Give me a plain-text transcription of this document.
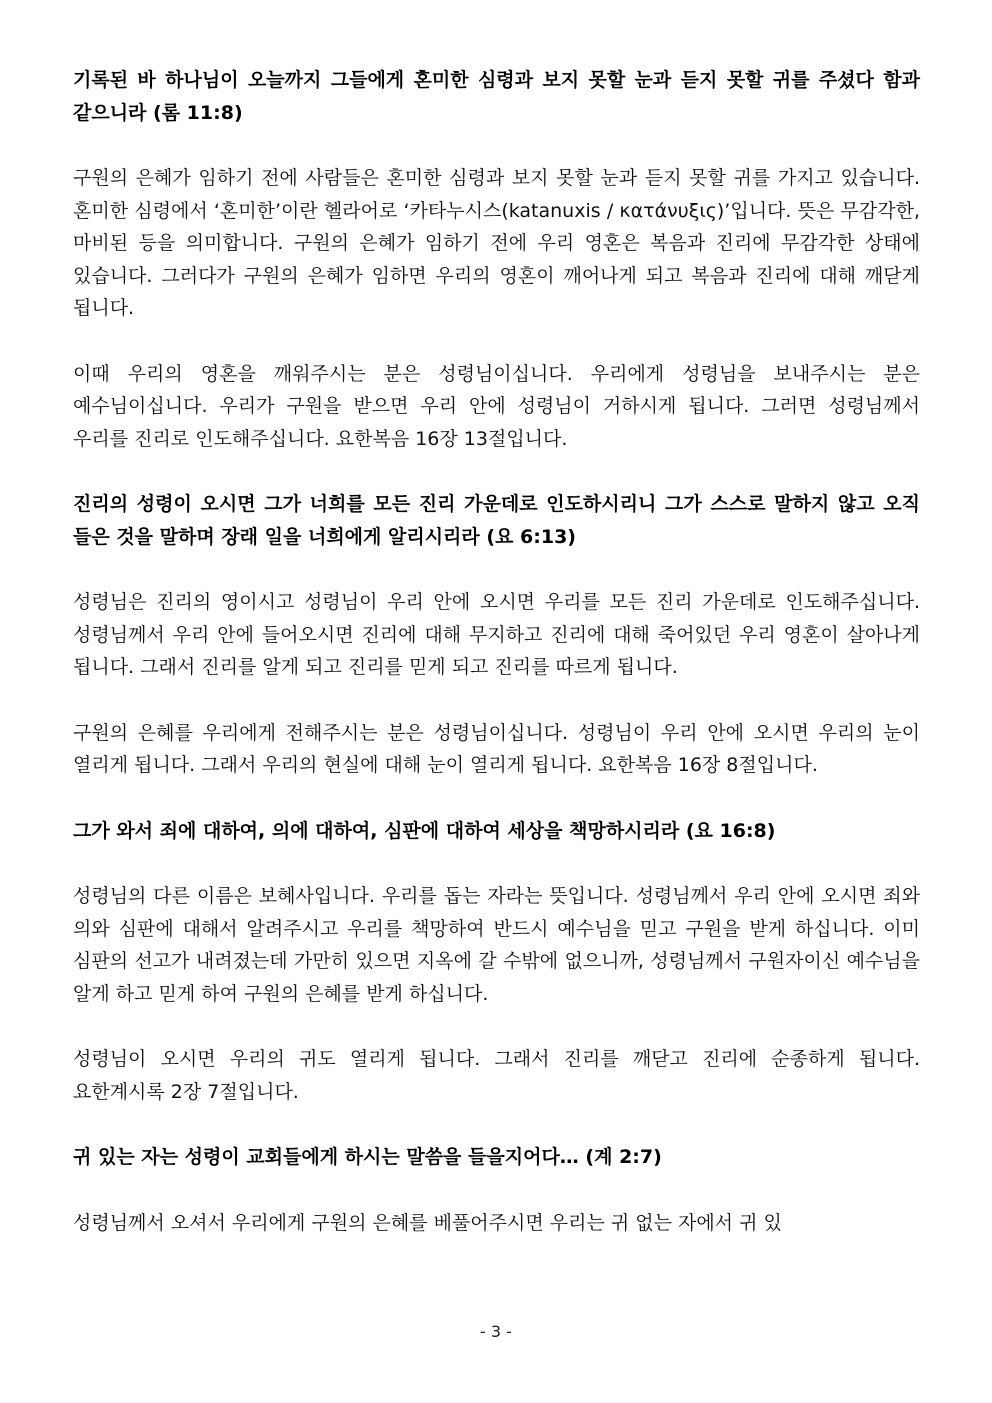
기록된 바 하나님이 오늘까지 그들에게 혼미한 심령과 보지 못할 눈과 듣지 못할 귀를 주셨다 함과 같으니라 (롬 11:8)

구원의 은혜가 임하기 전에 사람들은 혼미한 심령과 보지 못할 눈과 듣지 못할 귀를 가지고 있습니다. 혼미한 심령에서 ‘혼미한’이란 헬라어로 ‘카타누시스(katanuxis / κατάνυξις)’입니다. 뜻은 무감각한, 마비된 등을 의미합니다. 구원의 은혜가 임하기 전에 우리 영혼은 복음과 진리에 무감각한 상태에 있습니다. 그러다가 구원의 은혜가 임하면 우리의 영혼이 깨어나게 되고 복음과 진리에 대해 깨닫게 됩니다.

이때 우리의 영혼을 깨워주시는 분은 성령님이십니다. 우리에게 성령님을 보내주시는 분은 예수님이십니다. 우리가 구원을 받으면 우리 안에 성령님이 거하시게 됩니다. 그러면 성령님께서 우리를 진리로 인도해주십니다. 요한복음 16장 13절입니다.

진리의 성령이 오시면 그가 너희를 모든 진리 가운데로 인도하시리니 그가 스스로 말하지 않고 오직 들은 것을 말하며 장래 일을 너희에게 알리시리라 (요 6:13)

성령님은 진리의 영이시고 성령님이 우리 안에 오시면 우리를 모든 진리 가운데로 인도해주십니다. 성령님께서 우리 안에 들어오시면 진리에 대해 무지하고 진리에 대해 죽어있던 우리 영혼이 살아나게 됩니다. 그래서 진리를 알게 되고 진리를 믿게 되고 진리를 따르게 됩니다.

구원의 은혜를 우리에게 전해주시는 분은 성령님이십니다. 성령님이 우리 안에 오시면 우리의 눈이 열리게 됩니다. 그래서 우리의 현실에 대해 눈이 열리게 됩니다. 요한복음 16장 8절입니다.

그가 와서 죄에 대하여, 의에 대하여, 심판에 대하여 세상을 책망하시리라 (요 16:8)

성령님의 다른 이름은 보혜사입니다. 우리를 돕는 자라는 뜻입니다. 성령님께서 우리 안에 오시면 죄와 의와 심판에 대해서 알려주시고 우리를 책망하여 반드시 예수님을 믿고 구원을 받게 하십니다. 이미 심판의 선고가 내려졌는데 가만히 있으면 지옥에 갈 수밖에 없으니까, 성령님께서 구원자이신 예수님을 알게 하고 믿게 하여 구원의 은혜를 받게 하십니다.

성령님이 오시면 우리의 귀도 열리게 됩니다. 그래서 진리를 깨닫고 진리에 순종하게 됩니다. 요한계시록 2장 7절입니다.

귀 있는 자는 성령이 교회들에게 하시는 말씀을 들을지어다… (계 2:7)

성령님께서 오셔서 우리에게 구원의 은혜를 베풀어주시면 우리는 귀 없는 자에서 귀 있

- 3 -
